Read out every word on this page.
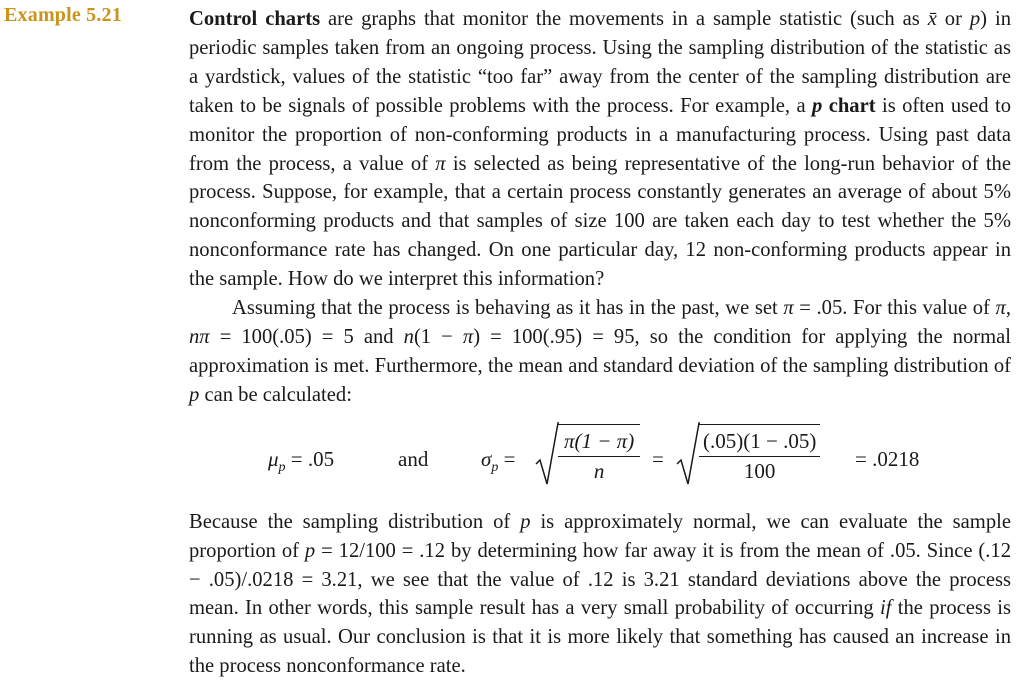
Example 5.21	Control charts are graphs that monitor the movements in a sample statistic (such as x̄ or p) in periodic samples taken from an ongoing process. Using the sampling distribution of the statistic as a yardstick, values of the statistic “too far” away from the center of the sampling distribution are taken to be signals of possible problems with the process. For example, a p chart is often used to monitor the proportion of non-conforming products in a manufacturing process. Using past data from the process, a value of π is selected as being representative of the long-run behavior of the process. Suppose, for example, that a certain process constantly generates an average of about 5% nonconforming products and that samples of size 100 are taken each day to test whether the 5% nonconformance rate has changed. On one particular day, 12 non-conforming products appear in the sample. How do we interpret this information?

Assuming that the process is behaving as it has in the past, we set π = .05. For this value of π, nπ = 100(.05) = 5 and n(1 − π) = 100(.95) = 95, so the condition for applying the normal approximation is met. Furthermore, the mean and standard deviation of the sampling distribution of p can be calculated:

$\mu_p = .05$	and	$\sigma_p = \frac{\pi(1 - \pi)}{n} = \frac{(.05)(1 - .05)}{100} = .0218$

Because the sampling distribution of p is approximately normal, we can evaluate the sample proportion of p = 12/100 = .12 by determining how far away it is from the mean of .05. Since (.12 − .05)/.0218 = 3.21, we see that the value of .12 is 3.21 standard deviations above the process mean. In other words, this sample result has a very small probability of occurring if the process is running as usual. Our conclusion is that it is more likely that something has caused an increase in the process nonconformance rate.
